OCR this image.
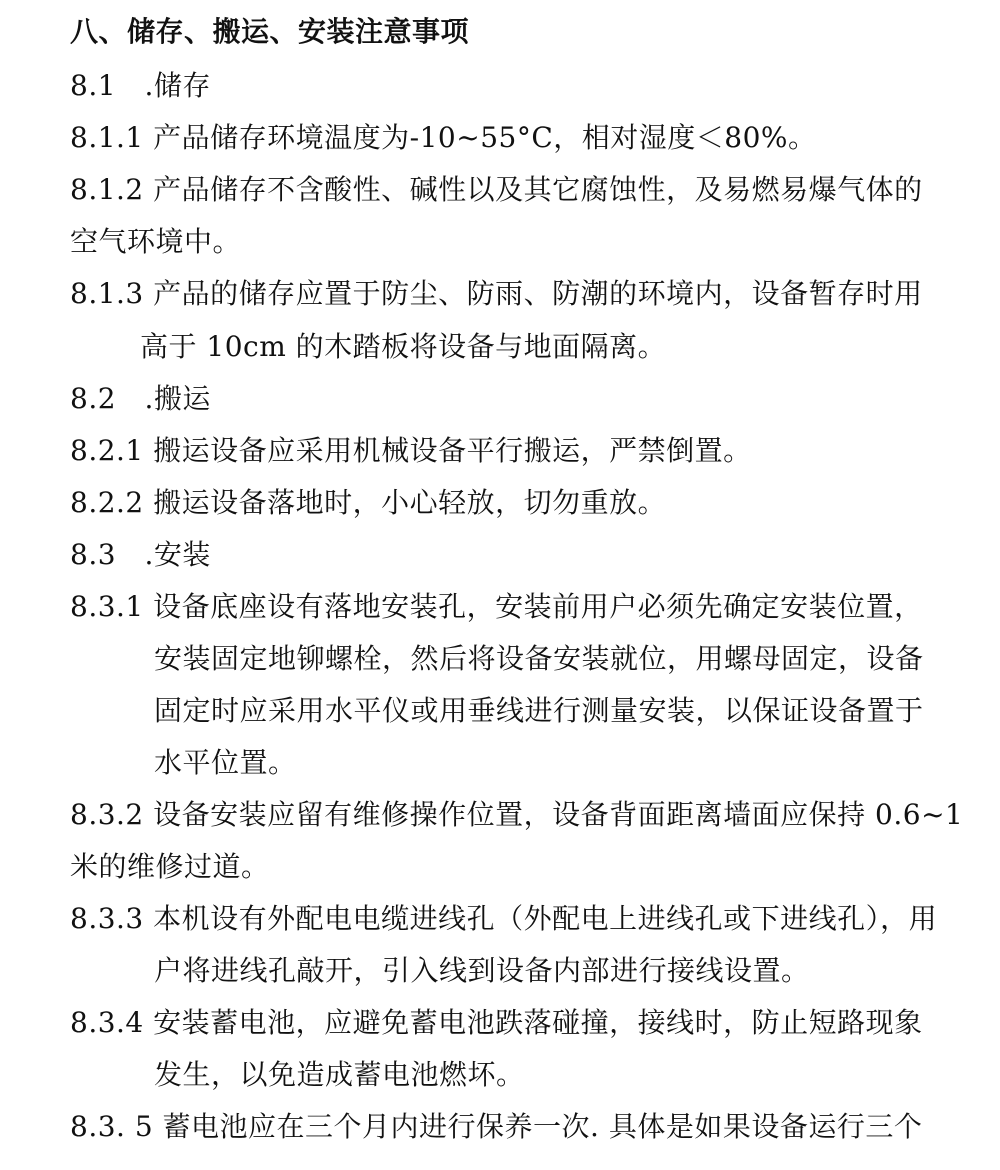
八、储存、搬运、安装注意事项
8.1　.储存
8.1.1 产品储存环境温度为-10~55°C，相对湿度＜80%。
8.1.2 产品储存不含酸性、碱性以及其它腐蚀性，及易燃易爆气体的
空气环境中。
8.1.3 产品的储存应置于防尘、防雨、防潮的环境内，设备暂存时用
高于 10cm 的木踏板将设备与地面隔离。
8.2　.搬运
8.2.1 搬运设备应采用机械设备平行搬运，严禁倒置。
8.2.2 搬运设备落地时，小心轻放，切勿重放。
8.3　.安装
8.3.1 设备底座设有落地安装孔，安装前用户必须先确定安装位置，
安装固定地铆螺栓，然后将设备安装就位，用螺母固定，设备
固定时应采用水平仪或用垂线进行测量安装，以保证设备置于
水平位置。
8.3.2 设备安装应留有维修操作位置，设备背面距离墙面应保持 0.6~1
米的维修过道。
8.3.3 本机设有外配电电缆进线孔（外配电上进线孔或下进线孔），用
户将进线孔敲开，引入线到设备内部进行接线设置。
8.3.4 安装蓄电池，应避免蓄电池跌落碰撞，接线时，防止短路现象
发生，以免造成蓄电池燃坏。
8.3. 5 蓄电池应在三个月内进行保养一次. 具体是如果设备运行三个
